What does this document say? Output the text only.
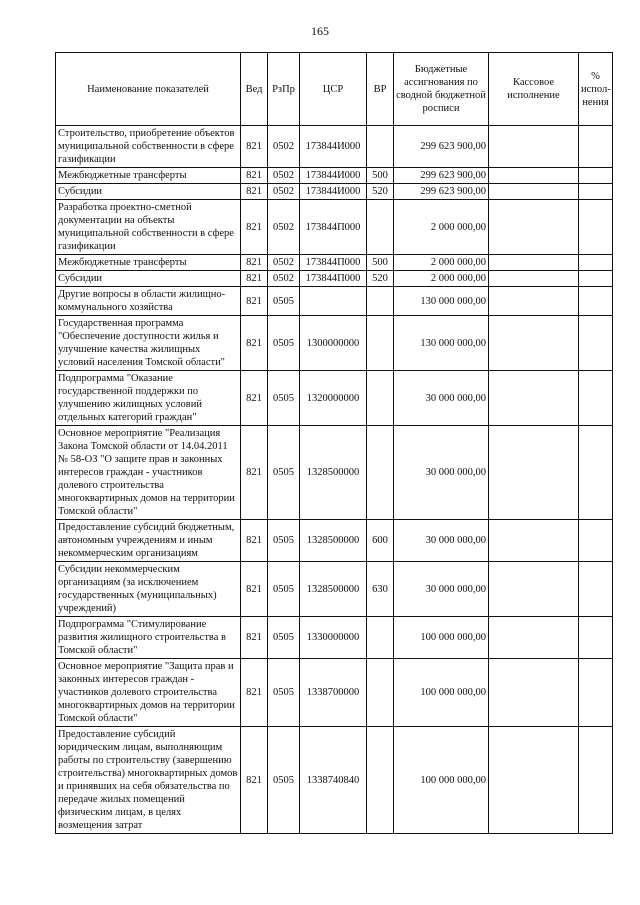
165
Наименование показателей	Вед	РзПр	ЦСР	ВР	Бюджетные ассигнования по сводной бюджетной росписи	Кассовое исполнение	% испол-нения
Строительство, приобретение объектов муниципальной собственности в сфере газификации	821	0502	173844И000		299 623 900,00		
Межбюджетные трансферты	821	0502	173844И000	500	299 623 900,00		
Субсидии	821	0502	173844И000	520	299 623 900,00		
Разработка проектно-сметной документации на объекты муниципальной собственности в сфере газификации	821	0502	173844П000		2 000 000,00		
Межбюджетные трансферты	821	0502	173844П000	500	2 000 000,00		
Субсидии	821	0502	173844П000	520	2 000 000,00		
Другие вопросы в области жилищно-коммунального хозяйства	821	0505			130 000 000,00		
Государственная программа "Обеспечение доступности жилья и улучшение качества жилищных условий населения Томской области"	821	0505	1300000000		130 000 000,00		
Подпрограмма "Оказание государственной поддержки по улучшению жилищных условий отдельных категорий граждан"	821	0505	1320000000		30 000 000,00		
Основное мероприятие "Реализация Закона Томской области от 14.04.2011 № 58-ОЗ "О защите прав и законных интересов граждан - участников долевого строительства многоквартирных домов на территории Томской области"	821	0505	1328500000		30 000 000,00		
Предоставление субсидий бюджетным, автономным учреждениям и иным некоммерческим организациям	821	0505	1328500000	600	30 000 000,00		
Субсидии некоммерческим организациям (за исключением государственных (муниципальных) учреждений)	821	0505	1328500000	630	30 000 000,00		
Подпрограмма "Стимулирование развития жилищного строительства в Томской области"	821	0505	1330000000		100 000 000,00		
Основное мероприятие "Защита прав и законных интересов граждан - участников долевого строительства многоквартирных домов на территории Томской области"	821	0505	1338700000		100 000 000,00		
Предоставление субсидий юридическим лицам, выполняющим работы по строительству (завершению строительства) многоквартирных домов и принявших на себя обязательства по передаче жилых помещений физическим лицам, в целях возмещения затрат	821	0505	1338740840		100 000 000,00		
